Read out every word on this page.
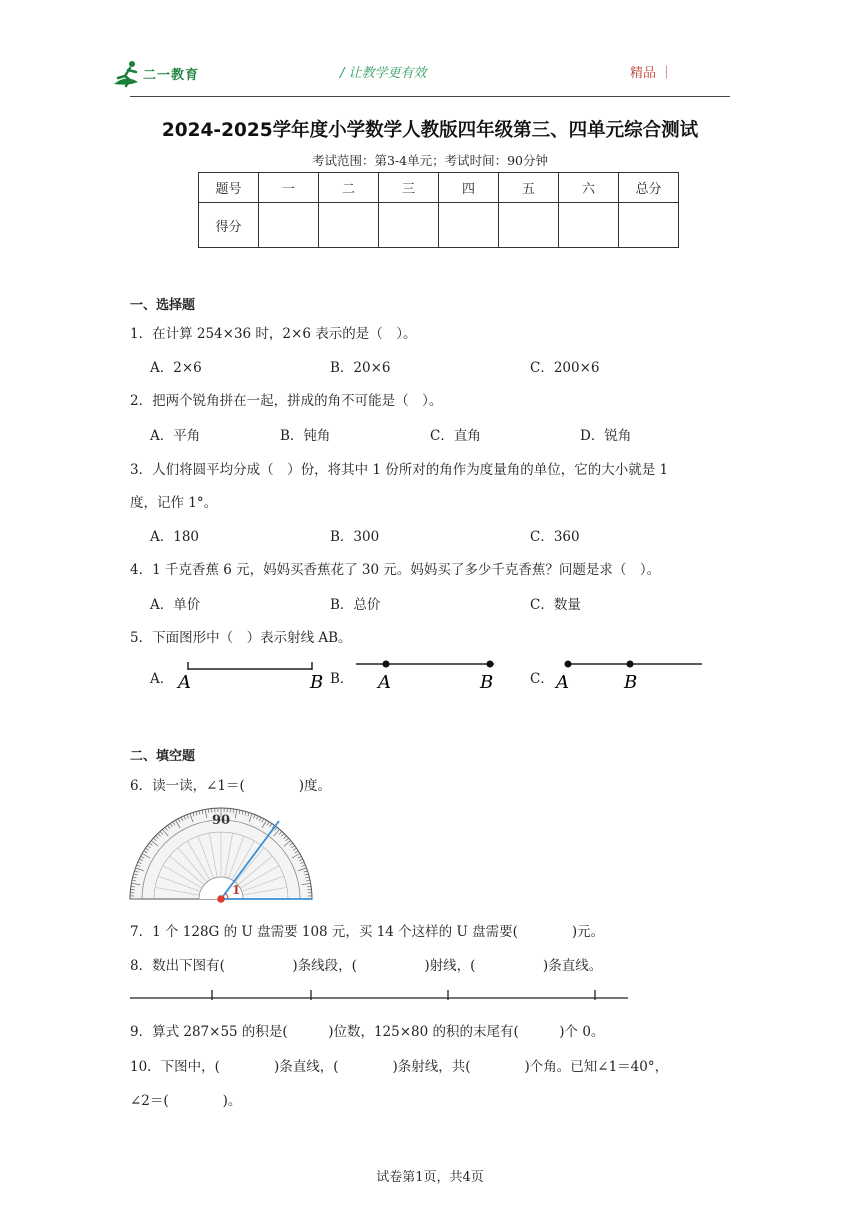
二一教育	/ 让教学更有效	精品 ｜
2024-2025学年度小学数学人教版四年级第三、四单元综合测试
考试范围：第3-4单元；考试时间：90分钟
题号	一	二	三	四	五	六	总分
得分							
一、选择题
1．在计算 254×36 时，2×6 表示的是（　）。
A．2×6	B．20×6	C．200×6
2．把两个锐角拼在一起，拼成的角不可能是（　）。
A．平角	B．钝角	C．直角	D．锐角
3．人们将圆平均分成（　）份，将其中 1 份所对的角作为度量角的单位，它的大小就是 1
度，记作 1°。
A．180	B．300	C．360
4．1 千克香蕉 6 元，妈妈买香蕉花了 30 元。妈妈买了多少千克香蕉？问题是求（　）。
A．单价	B．总价	C．数量
5．下面图形中（　）表示射线 AB。
A．	B．	C．
A	B	A	B	A	B
二、填空题
6．读一读，∠1＝(　　　　)度。
1
90
7．1 个 128G 的 U 盘需要 108 元，买 14 个这样的 U 盘需要(　　　　)元。
8．数出下图有(　　　　　)条线段，(　　　　　)射线，(　　　　　)条直线。
9．算式 287×55 的积是(　　　)位数，125×80 的积的末尾有(　　　)个 0。
10．下图中，(　　　　)条直线，(　　　　)条射线，共(　　　　)个角。已知∠1＝40°，
∠2＝(　　　　)。
试卷第1页，共4页
